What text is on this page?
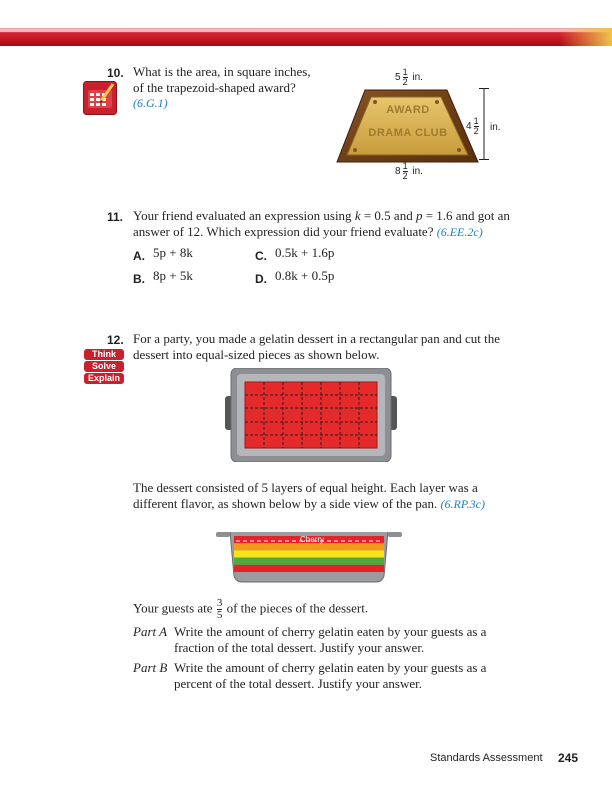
10. What is the area, in square inches,
of the trapezoid-shaped award?
(6.G.1)
$5 \frac{1}{2}$ in.
AWARD
DRAMA CLUB
$4 \frac{1}{2}$ in.
$8 \frac{1}{2}$ in.
11. Your friend evaluated an expression using k = 0.5 and p = 1.6 and got an
answer of 12. Which expression did your friend evaluate? (6.EE.2c)
A. 5p + 8k	C. 0.5k + 1.6p
B. 8p + 5k	D. 0.8k + 0.5p
12. For a party, you made a gelatin dessert in a rectangular pan and cut the
dessert into equal-sized pieces as shown below.
Think
Solve
Explain
The dessert consisted of 5 layers of equal height. Each layer was a
different flavor, as shown below by a side view of the pan. (6.RP.3c)
Cherry
Your guests ate $\frac{3}{5}$ of the pieces of the dessert.
Part A Write the amount of cherry gelatin eaten by your guests as a
fraction of the total dessert. Justify your answer.
Part B Write the amount of cherry gelatin eaten by your guests as a
percent of the total dessert. Justify your answer.
Standards Assessment 245
